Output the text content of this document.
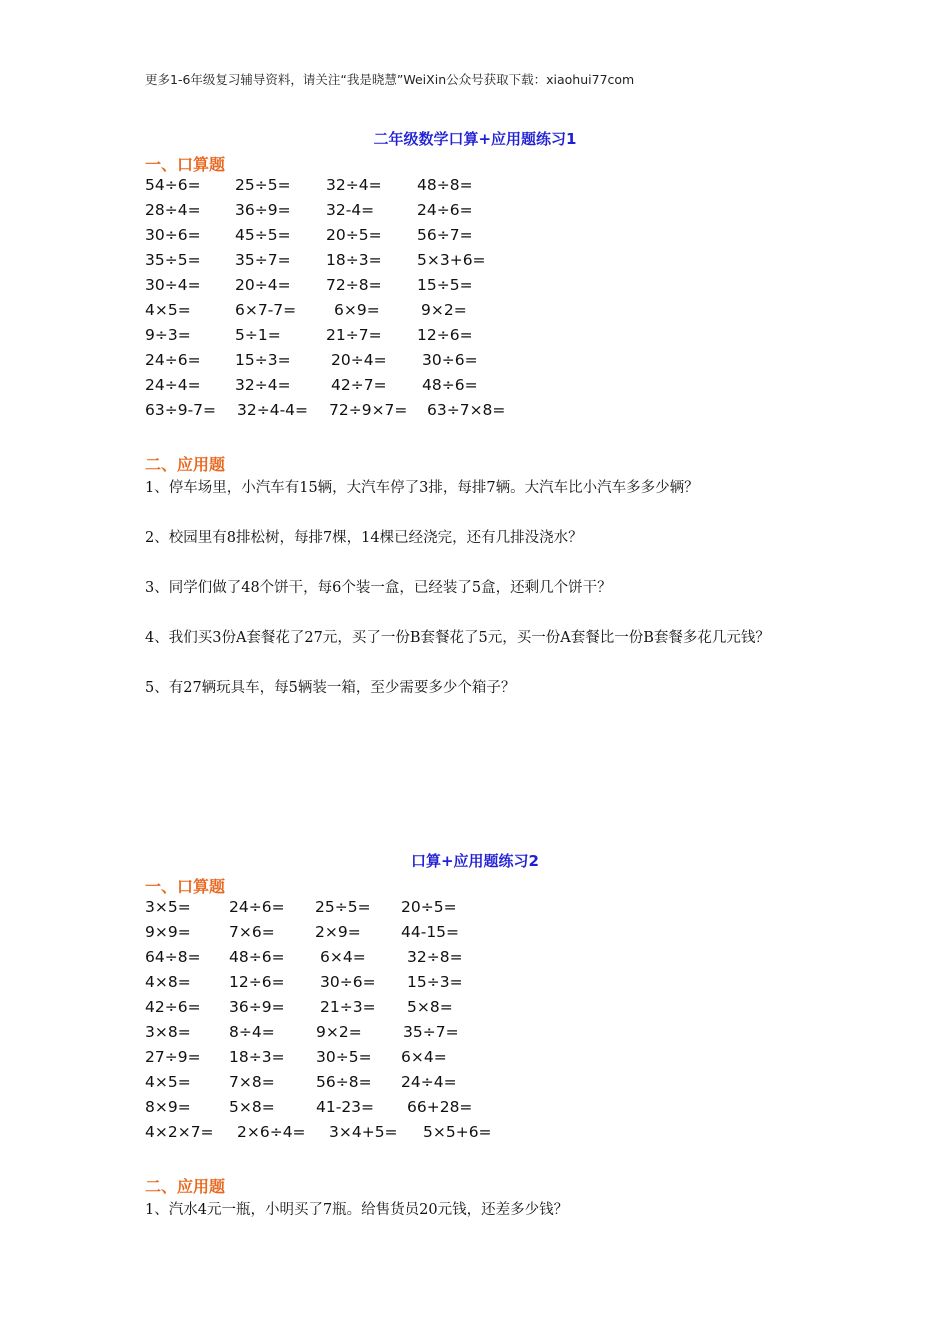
更多1-6年级复习辅导资料，请关注“我是晓慧”WeiXin公众号获取下载：xiaohui77com
二年级数学口算+应用题练习1
一、口算题
54÷6= 25÷5= 32÷4= 48÷8=
28÷4= 36÷9= 32-4=	24÷6=
30÷6= 45÷5= 20÷5= 56÷7=
35÷5= 35÷7= 18÷3= 5×3+6=
30÷4= 20÷4= 72÷8= 15÷5=
4×5=	6×7-7= 6×9=	9×2=
9÷3=	5÷1=	21÷7= 12÷6=
24÷6= 15÷3=	20÷4= 30÷6=
24÷4= 32÷4=	42÷7= 48÷6=
63÷9-7= 32÷4-4= 72÷9×7= 63÷7×8=
二、应用题
1、停车场里，小汽车有15辆，大汽车停了3排，每排7辆。大汽车比小汽车多多少辆？
2、校园里有8排松树，每排7棵，14棵已经浇完，还有几排没浇水？
3、同学们做了48个饼干，每6个装一盒，已经装了5盒，还剩几个饼干？
4、我们买3份A套餐花了27元，买了一份B套餐花了5元，买一份A套餐比一份B套餐多花几元钱？
5、有27辆玩具车，每5辆装一箱，至少需要多少个箱子？
口算+应用题练习2
一、口算题
3×5= 24÷6= 25÷5= 20÷5=
9×9= 7×6=	2×9=	44-15=
64÷8= 48÷6= 6×4=	32÷8=
4×8= 12÷6= 30÷6= 15÷3=
42÷6= 36÷9= 21÷3= 5×8=
3×8= 8÷4=	9×2=	35÷7=
27÷9= 18÷3= 30÷5= 6×4=
4×5= 7×8=	56÷8= 24÷4=
8×9= 5×8=	41-23= 66+28=
4×2×7= 2×6÷4= 3×4+5= 5×5+6=
二、应用题
1、汽水4元一瓶，小明买了7瓶。给售货员20元钱，还差多少钱？
